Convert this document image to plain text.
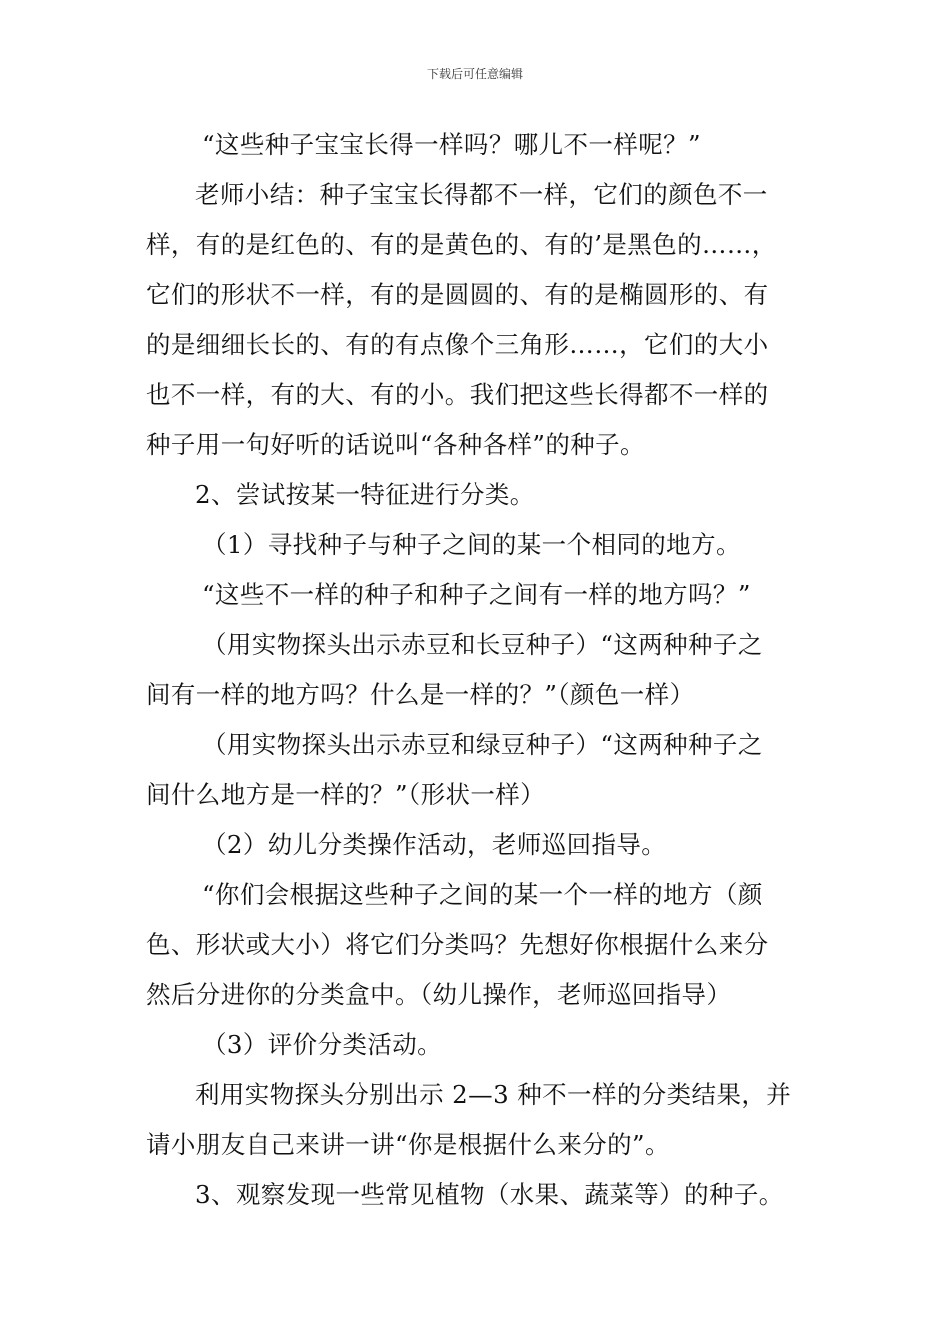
下载后可任意编辑

“这些种子宝宝长得一样吗？哪儿不一样呢？”

老师小结：种子宝宝长得都不一样，它们的颜色不一

样，有的是红色的、有的是黄色的、有的’是黑色的……，

它们的形状不一样，有的是圆圆的、有的是椭圆形的、有

的是细细长长的、有的有点像个三角形……，它们的大小

也不一样，有的大、有的小。我们把这些长得都不一样的

种子用一句好听的话说叫“各种各样”的种子。

2、尝试按某一特征进行分类。

（1）寻找种子与种子之间的某一个相同的地方。

“这些不一样的种子和种子之间有一样的地方吗？”

（用实物探头出示赤豆和长豆种子）“这两种种子之

间有一样的地方吗？什么是一样的？”（颜色一样）

（用实物探头出示赤豆和绿豆种子）“这两种种子之

间什么地方是一样的？”（形状一样）

（2）幼儿分类操作活动，老师巡回指导。

“你们会根据这些种子之间的某一个一样的地方（颜

色、形状或大小）将它们分类吗？先想好你根据什么来分

然后分进你的分类盒中。（幼儿操作，老师巡回指导）

（3）评价分类活动。

利用实物探头分别出示 2—3 种不一样的分类结果，并

请小朋友自己来讲一讲“你是根据什么来分的”。

3、观察发现一些常见植物（水果、蔬菜等）的种子。
